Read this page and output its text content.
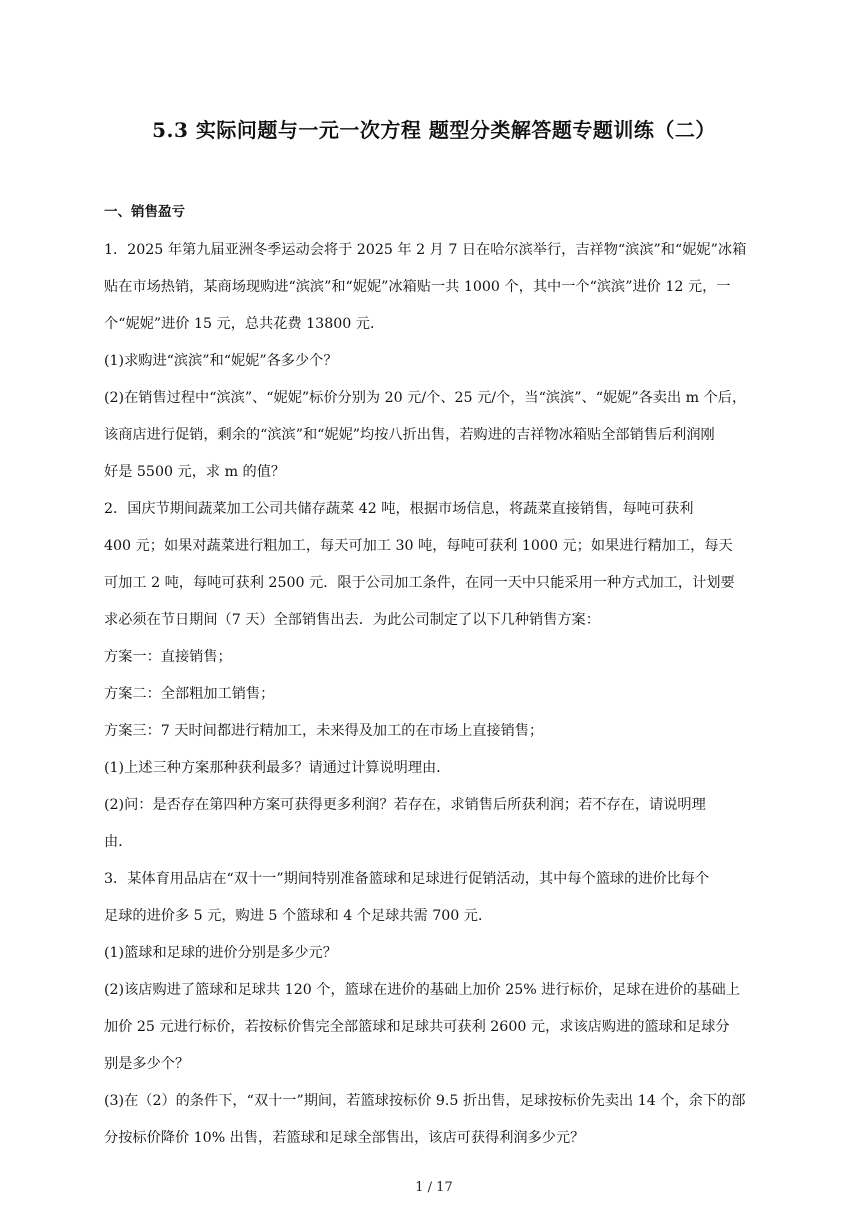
5.3 实际问题与一元一次方程 题型分类解答题专题训练（二）
一、销售盈亏
1．2025 年第九届亚洲冬季运动会将于 2025 年 2 月 7 日在哈尔滨举行，吉祥物“滨滨”和“妮妮”冰箱
贴在市场热销，某商场现购进“滨滨”和“妮妮”冰箱贴一共 1000 个，其中一个“滨滨”进价 12 元，一
个“妮妮”进价 15 元，总共花费 13800 元．
(1)求购进“滨滨”和“妮妮”各多少个？
(2)在销售过程中“滨滨”、“妮妮”标价分别为 20 元/个、25 元/个，当“滨滨”、“妮妮”各卖出 m 个后，
该商店进行促销，剩余的“滨滨”和“妮妮”均按八折出售，若购进的吉祥物冰箱贴全部销售后利润刚
好是 5500 元，求 m 的值？
2．国庆节期间蔬菜加工公司共储存蔬菜 42 吨，根据市场信息，将蔬菜直接销售，每吨可获利
400 元；如果对蔬菜进行粗加工，每天可加工 30 吨，每吨可获利 1000 元；如果进行精加工，每天
可加工 2 吨，每吨可获利 2500 元．限于公司加工条件，在同一天中只能采用一种方式加工，计划要
求必须在节日期间（7 天）全部销售出去．为此公司制定了以下几种销售方案：
方案一：直接销售；
方案二：全部粗加工销售；
方案三：7 天时间都进行精加工，未来得及加工的在市场上直接销售；
(1)上述三种方案那种获利最多？请通过计算说明理由．
(2)问：是否存在第四种方案可获得更多利润？若存在，求销售后所获利润；若不存在，请说明理
由．
3．某体育用品店在“双十一”期间特别准备篮球和足球进行促销活动，其中每个篮球的进价比每个
足球的进价多 5 元，购进 5 个篮球和 4 个足球共需 700 元．
(1)篮球和足球的进价分别是多少元？
(2)该店购进了篮球和足球共 120 个，篮球在进价的基础上加价 25% 进行标价，足球在进价的基础上
加价 25 元进行标价，若按标价售完全部篮球和足球共可获利 2600 元，求该店购进的篮球和足球分
别是多少个？
(3)在（2）的条件下，“双十一”期间，若篮球按标价 9.5 折出售，足球按标价先卖出 14 个，余下的部
分按标价降价 10% 出售，若篮球和足球全部售出，该店可获得利润多少元？
1 / 17
